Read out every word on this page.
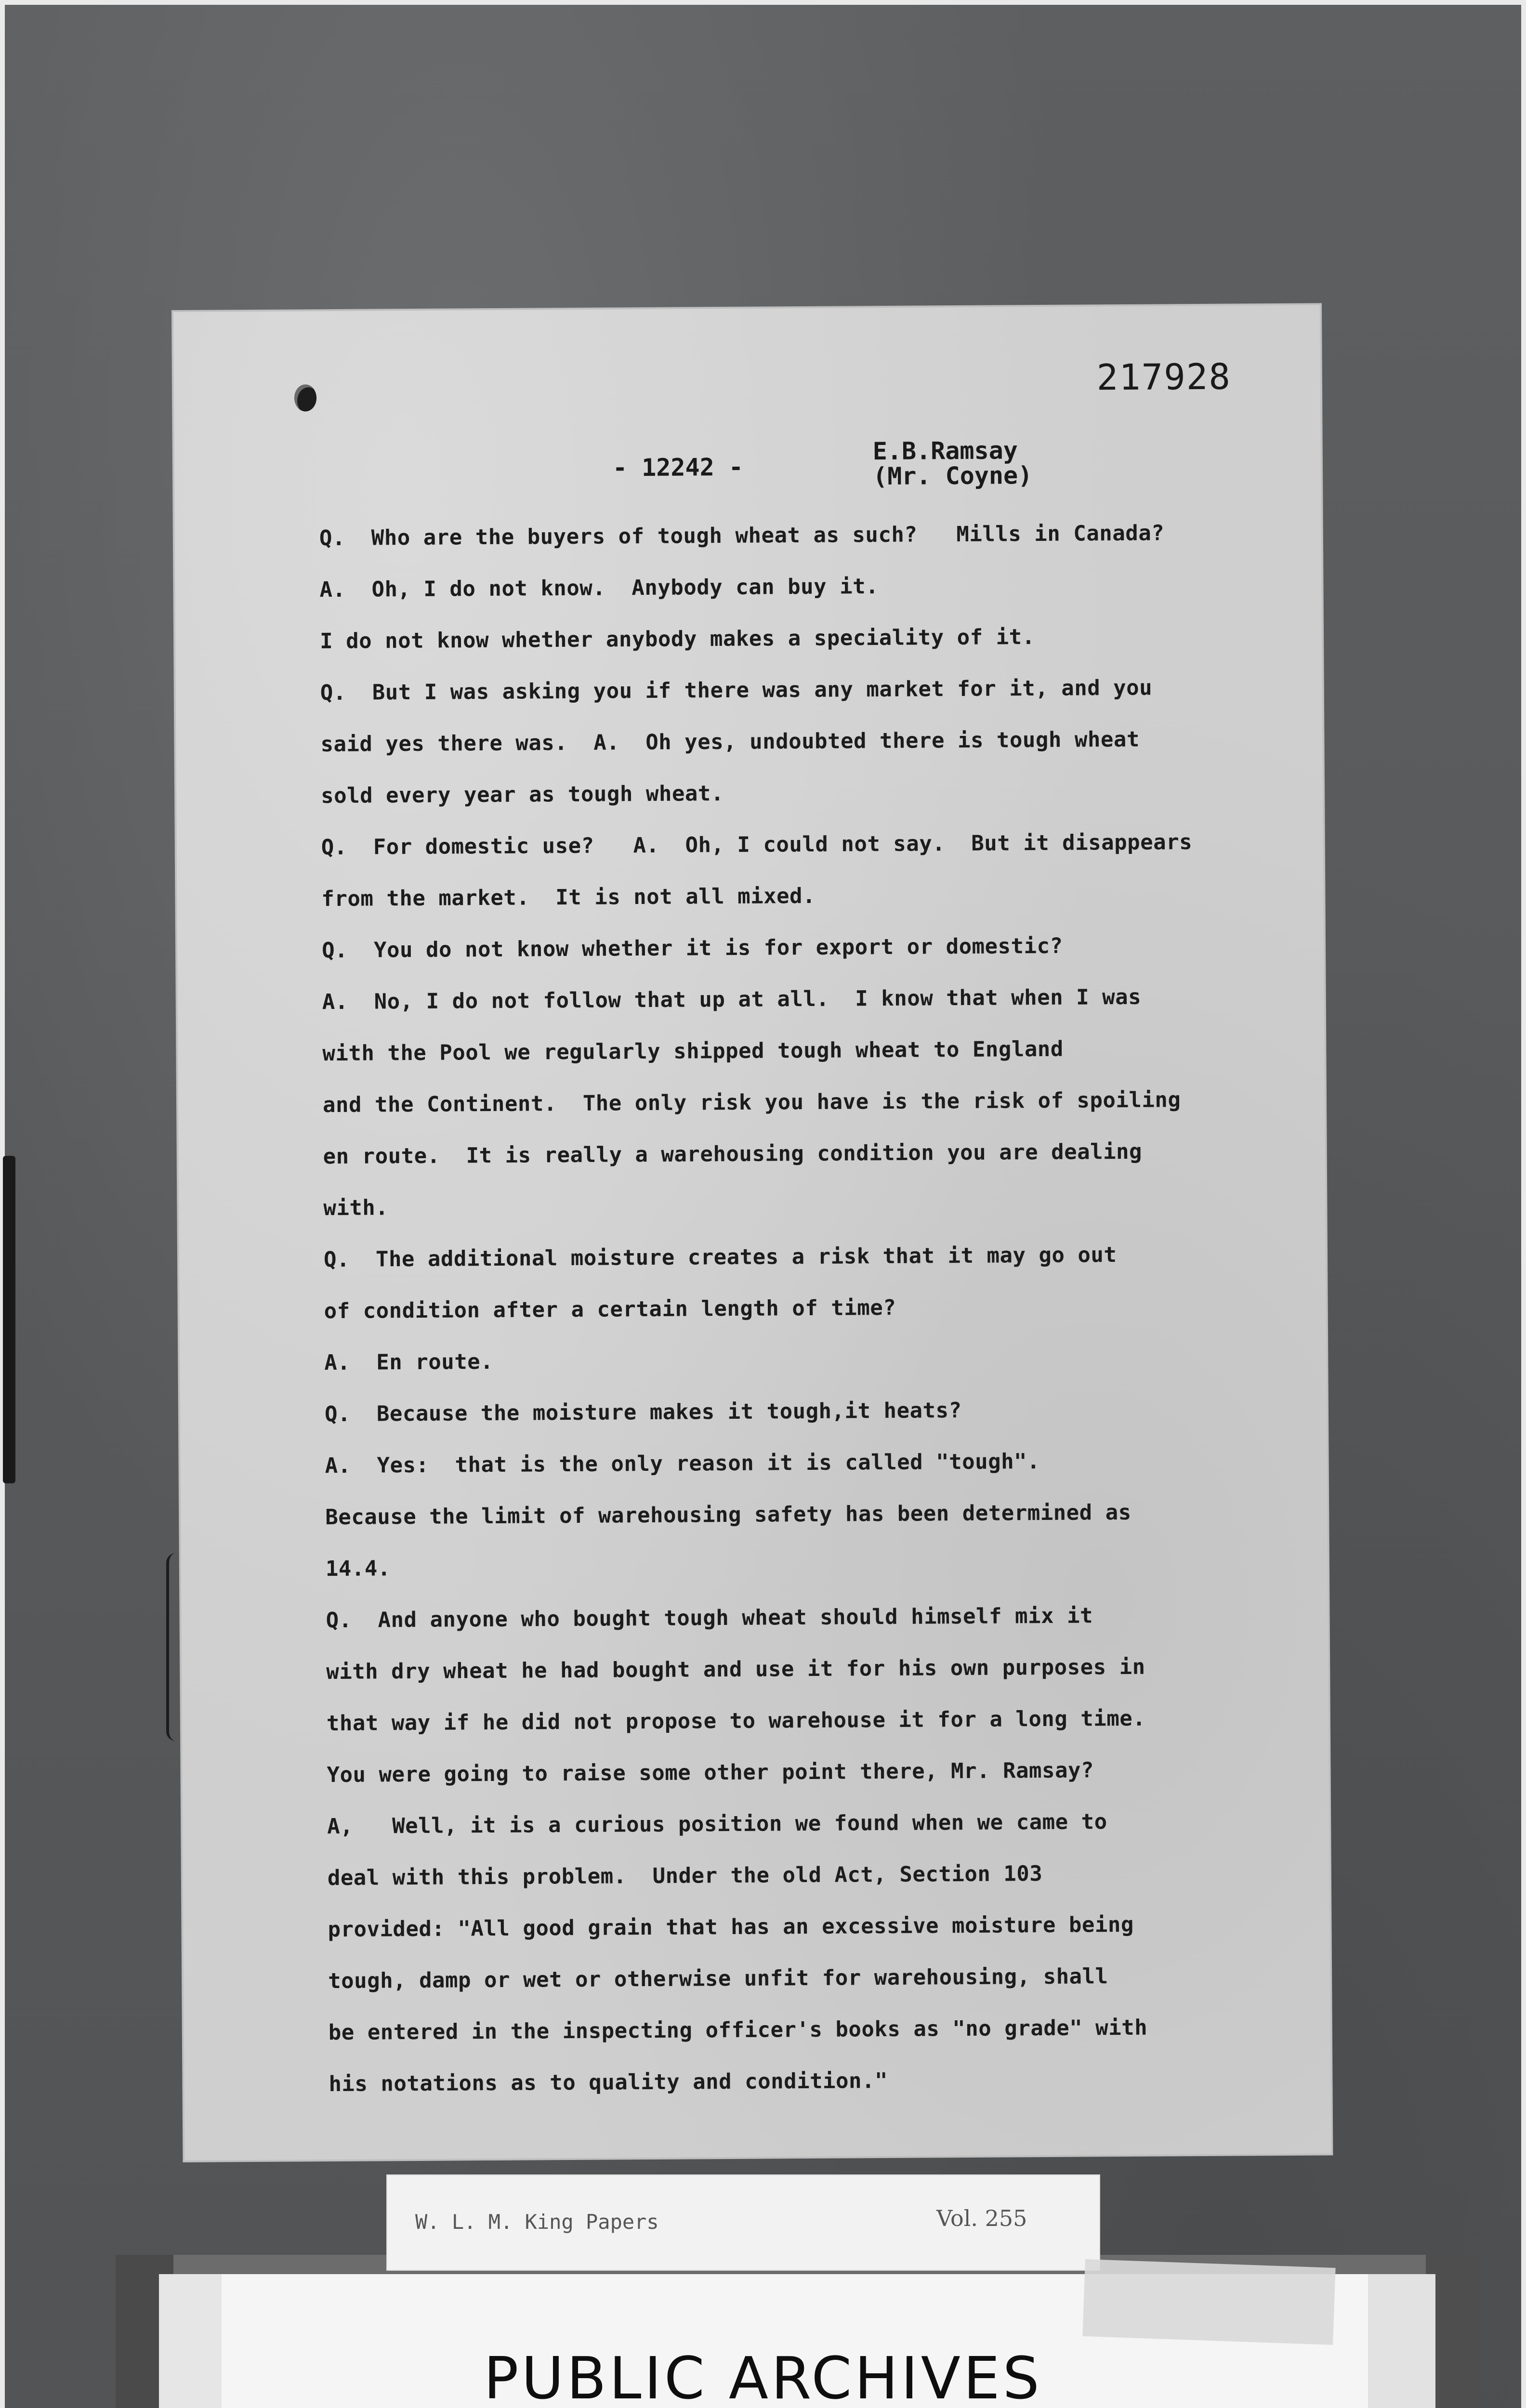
217928
- 12242 -
E.B.Ramsay
(Mr. Coyne)
Q.  Who are the buyers of tough wheat as such?   Mills in Canada?
A.  Oh, I do not know.  Anybody can buy it.
I do not know whether anybody makes a speciality of it.
Q.  But I was asking you if there was any market for it, and you
said yes there was.  A.  Oh yes, undoubted there is tough wheat
sold every year as tough wheat.
Q.  For domestic use?   A.  Oh, I could not say.  But it disappears
from the market.  It is not all mixed.
Q.  You do not know whether it is for export or domestic?
A.  No, I do not follow that up at all.  I know that when I was
with the Pool we regularly shipped tough wheat to England
and the Continent.  The only risk you have is the risk of spoiling
en route.  It is really a warehousing condition you are dealing
with.
Q.  The additional moisture creates a risk that it may go out
of condition after a certain length of time?
A.  En route.
Q.  Because the moisture makes it tough,it heats?
A.  Yes:  that is the only reason it is called "tough".
Because the limit of warehousing safety has been determined as
14.4.
Q.  And anyone who bought tough wheat should himself mix it
with dry wheat he had bought and use it for his own purposes in
that way if he did not propose to warehouse it for a long time.
You were going to raise some other point there, Mr. Ramsay?
A,   Well, it is a curious position we found when we came to
deal with this problem.  Under the old Act, Section 103
provided: "All good grain that has an excessive moisture being
tough, damp or wet or otherwise unfit for warehousing, shall
be entered in the inspecting officer's books as "no grade" with
his notations as to quality and condition."
W. L. M. King Papers	Vol. 255
PUBLIC ARCHIVES
